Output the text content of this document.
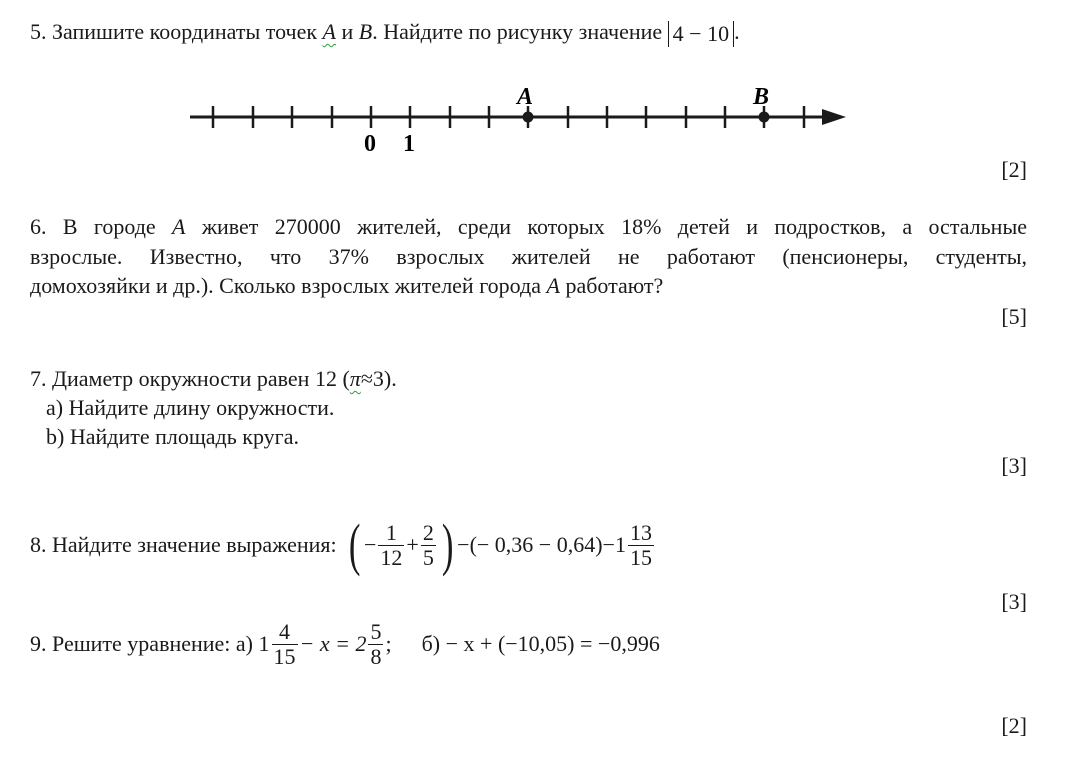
5. Запишите координаты точек А и В. Найдите по рисунку значение 4 − 10 .
A	B
0 1
[2]
6. В городе А живет 270000 жителей, среди которых 18% детей и подростков, а остальные
взрослые. Известно, что 37% взрослых жителей не работают (пенсионеры, студенты,
домохозяйки и др.). Сколько взрослых жителей города А работают?
[5]
7. Диаметр окружности равен 12 (π≈3).
a) Найдите длину окружности.
b) Найдите площадь круга.
[3]
8. Найдите значение выражения: ( − $\frac{1}{12} + \frac{2}{5}$ ) −(− $0,36 - 0,64)-1 \frac{13}{15}$
[3]
9. Решите уравнение: а) $1 \frac{4}{15} - x = 2 \frac{5}{8}$ ; б) − x + (−10,05) = −0,996
[2]
